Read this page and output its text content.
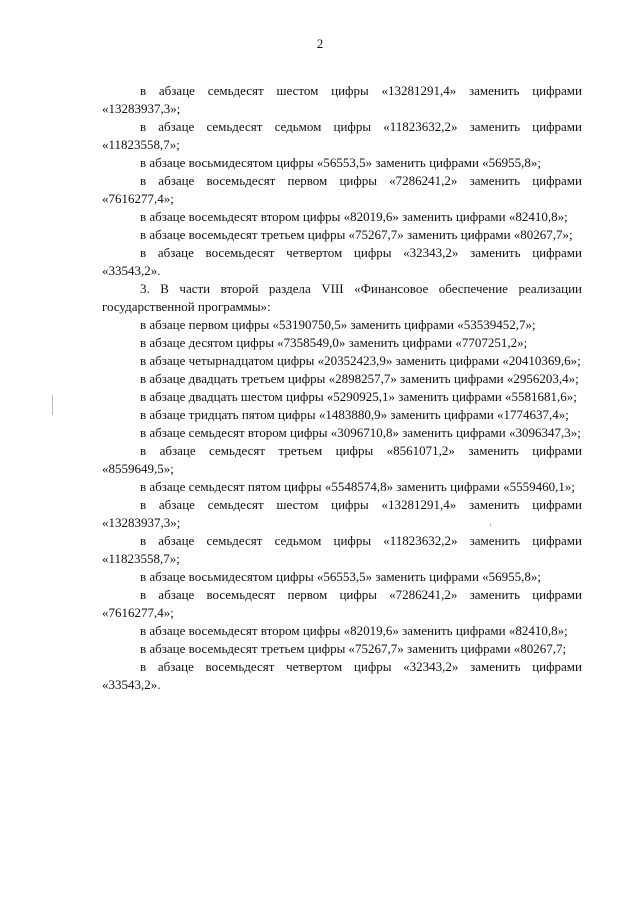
2

в абзаце семьдесят шестом цифры «13281291,4» заменить цифрами «13283937,3»;

в абзаце семьдесят седьмом цифры «11823632,2» заменить цифрами «11823558,7»;

в абзаце восьмидесятом цифры «56553,5» заменить цифрами «56955,8»;

в абзаце восемьдесят первом цифры «7286241,2» заменить цифрами «7616277,4»;

в абзаце восемьдесят втором цифры «82019,6» заменить цифрами «82410,8»;

в абзаце восемьдесят третьем цифры «75267,7» заменить цифрами «80267,7»;

в абзаце восемьдесят четвертом цифры «32343,2» заменить цифрами «33543,2».

3. В части второй раздела VIII «Финансовое обеспечение реализации государственной программы»:

в абзаце первом цифры «53190750,5» заменить цифрами «53539452,7»;

в абзаце десятом цифры «7358549,0» заменить цифрами «7707251,2»;

в абзаце четырнадцатом цифры «20352423,9» заменить цифрами «20410369,6»;

в абзаце двадцать третьем цифры «2898257,7» заменить цифрами «2956203,4»;

в абзаце двадцать шестом цифры «5290925,1» заменить цифрами «5581681,6»;

в абзаце тридцать пятом цифры «1483880,9» заменить цифрами «1774637,4»;

в абзаце семьдесят втором цифры «3096710,8» заменить цифрами «3096347,3»;

в абзаце семьдесят третьем цифры «8561071,2» заменить цифрами «8559649,5»;

в абзаце семьдесят пятом цифры «5548574,8» заменить цифрами «5559460,1»;

в абзаце семьдесят шестом цифры «13281291,4» заменить цифрами «13283937,3»;

в абзаце семьдесят седьмом цифры «11823632,2» заменить цифрами «11823558,7»;

в абзаце восьмидесятом цифры «56553,5» заменить цифрами «56955,8»;

в абзаце восемьдесят первом цифры «7286241,2» заменить цифрами «7616277,4»;

в абзаце восемьдесят втором цифры «82019,6» заменить цифрами «82410,8»;

в абзаце восемьдесят третьем цифры «75267,7» заменить цифрами «80267,7;

в абзаце восемьдесят четвертом цифры «32343,2» заменить цифрами «33543,2».
